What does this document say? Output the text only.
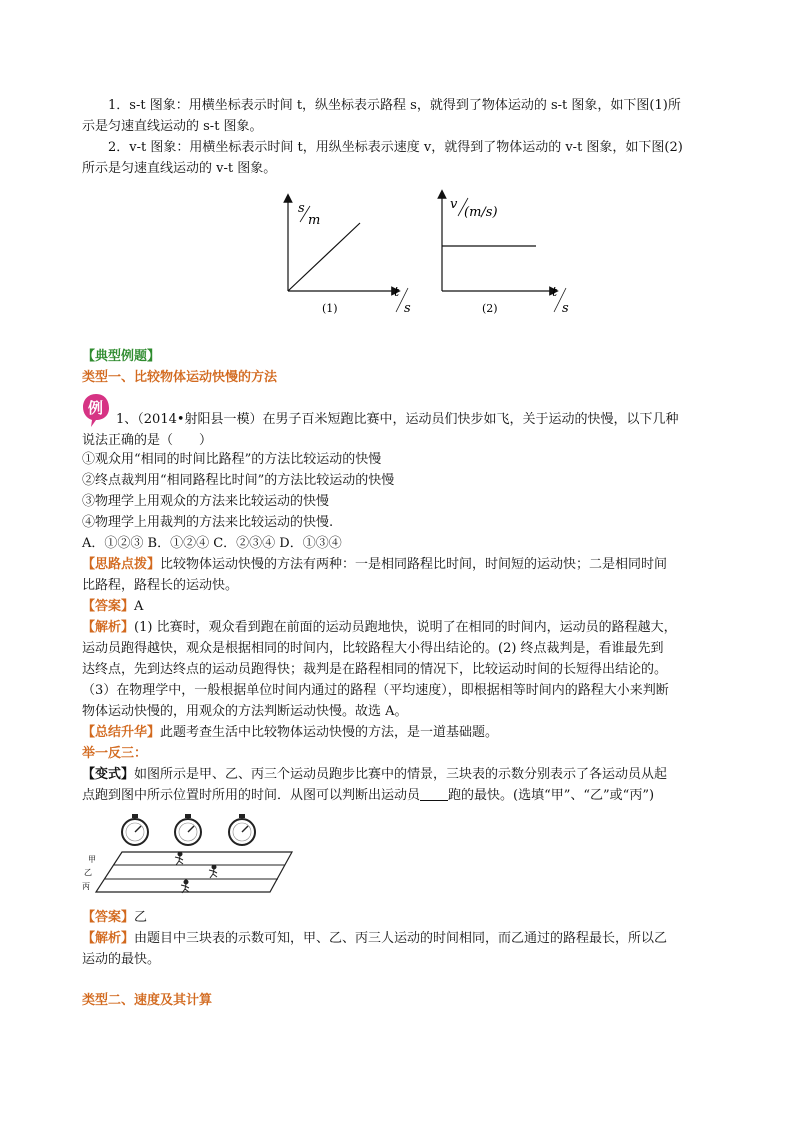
1．s-t 图象：用横坐标表示时间 t，纵坐标表示路程 s，就得到了物体运动的 s-t 图象，如下图(1)所
示是匀速直线运动的 s-t 图象。
2．v-t 图象：用横坐标表示时间 t，用纵坐标表示速度 v，就得到了物体运动的 v-t 图象，如下图(2)
所示是匀速直线运动的 v-t 图象。
s
m
t
s
(1)
v
(m/s)
t
s
(2)
【典型例题】
类型一、比较物体运动快慢的方法
例
1、（2014•射阳县一模）在男子百米短跑比赛中，运动员们快步如飞，关于运动的快慢，以下几种
说法正确的是（　　）
①观众用“相同的时间比路程”的方法比较运动的快慢
②终点裁判用“相同路程比时间”的方法比较运动的快慢
③物理学上用观众的方法来比较运动的快慢
④物理学上用裁判的方法来比较运动的快慢.
A．①②③ B．①②④ C．②③④ D．①③④
【思路点拨】比较物体运动快慢的方法有两种：一是相同路程比时间，时间短的运动快；二是相同时间
比路程，路程长的运动快。
【答案】A
【解析】(1) 比赛时，观众看到跑在前面的运动员跑地快，说明了在相同的时间内，运动员的路程越大，
运动员跑得越快，观众是根据相同的时间内，比较路程大小得出结论的。(2) 终点裁判是，看谁最先到
达终点，先到达终点的运动员跑得快；裁判是在路程相同的情况下，比较运动时间的长短得出结论的。
（3）在物理学中，一般根据单位时间内通过的路程（平均速度），即根据相等时间内的路程大小来判断
物体运动快慢的，用观众的方法判断运动快慢。故选 A。
【总结升华】此题考查生活中比较物体运动快慢的方法，是一道基础题。
举一反三：
【变式】如图所示是甲、乙、丙三个运动员跑步比赛中的情景，三块表的示数分别表示了各运动员从起
点跑到图中所示位置时所用的时间．从图可以判断出运动员 跑的最快。(选填“甲”、“乙”或“丙”)
甲
乙
丙
【答案】乙
【解析】由题目中三块表的示数可知，甲、乙、丙三人运动的时间相同，而乙通过的路程最长，所以乙
运动的最快。
类型二、速度及其计算
